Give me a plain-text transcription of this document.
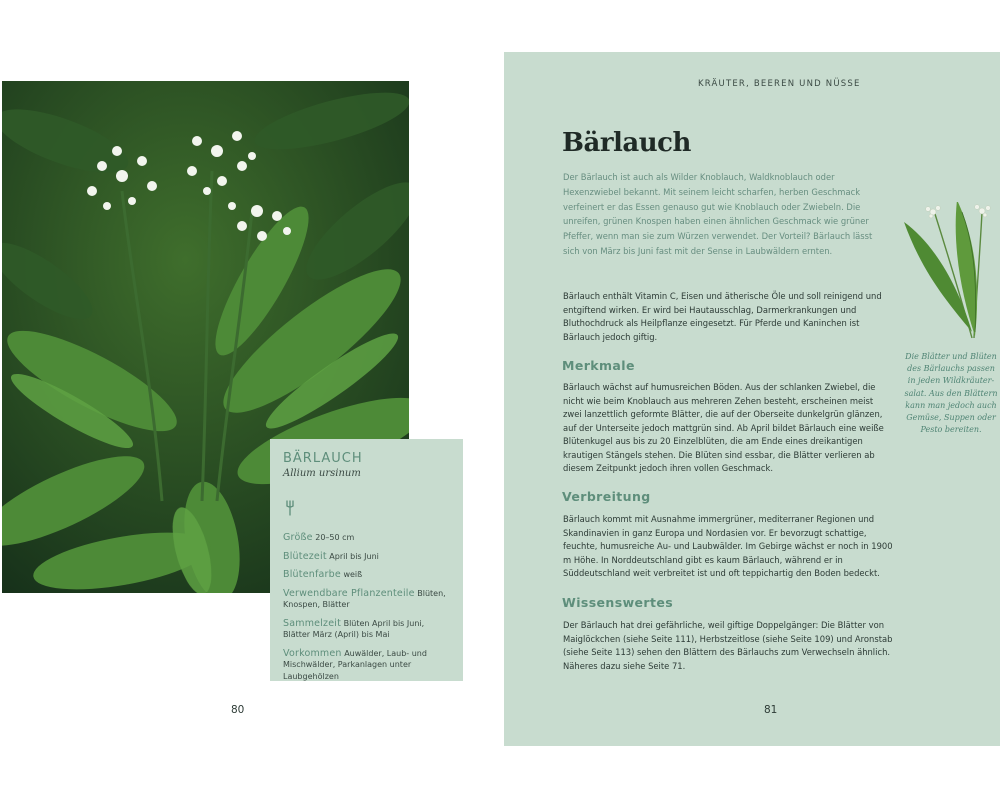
BÄRLAUCH

Allium ursinum

Größe 20–50 cm

Blütezeit April bis Juni

Blütenfarbe weiß

Verwendbare Pflanzenteile Blüten, Knospen, Blätter

Sammelzeit Blüten April bis Juni, Blätter März (April) bis Mai

Vorkommen Auwälder, Laub- und Mischwälder, Parkanlagen unter Laubgehölzen

80

KRÄUTER, BEEREN UND NÜSSE

Bärlauch

Der Bärlauch ist auch als Wilder Knoblauch, Waldknoblauch oder Hexenzwiebel bekannt. Mit seinem leicht scharfen, herben Geschmack verfeinert er das Essen genauso gut wie Knoblauch oder Zwiebeln. Die unreifen, grünen Knospen haben einen ähnlichen Geschmack wie grüner Pfeffer, wenn man sie zum Würzen verwendet. Der Vorteil? Bärlauch lässt sich von März bis Juni fast mit der Sense in Laubwäldern ernten.

Bärlauch enthält Vitamin C, Eisen und ätherische Öle und soll reinigend und entgiftend wirken. Er wird bei Hautausschlag, Darmerkrankungen und Bluthochdruck als Heilpflanze eingesetzt. Für Pferde und Kaninchen ist Bärlauch jedoch giftig.

Merkmale

Bärlauch wächst auf humusreichen Böden. Aus der schlanken Zwiebel, die nicht wie beim Knoblauch aus mehreren Zehen besteht, erscheinen meist zwei lanzettlich geformte Blätter, die auf der Oberseite dunkelgrün glänzen, auf der Unterseite jedoch mattgrün sind. Ab April bildet Bärlauch eine weiße Blütenkugel aus bis zu 20 Einzelblüten, die am Ende eines dreikantigen krautigen Stängels stehen. Die Blüten sind essbar, die Blätter verlieren ab diesem Zeitpunkt jedoch ihren vollen Geschmack.

Verbreitung

Bärlauch kommt mit Ausnahme immergrüner, mediterraner Regionen und Skandinavien in ganz Europa und Nordasien vor. Er bevorzugt schattige, feuchte, humusreiche Au- und Laubwälder. Im Gebirge wächst er noch in 1900 m Höhe. In Norddeutschland gibt es kaum Bärlauch, während er in Süddeutschland weit verbreitet ist und oft teppichartig den Boden bedeckt.

Wissenswertes

Der Bärlauch hat drei gefährliche, weil giftige Doppelgänger: Die Blätter von Maiglöckchen (siehe Seite 111), Herbstzeitlose (siehe Seite 109) und Aronstab (siehe Seite 113) sehen den Blättern des Bärlauchs zum Verwechseln ähnlich. Näheres dazu siehe Seite 71.

Die Blätter und Blüten des Bärlauchs passen in jeden Wildkräutersalat. Aus den Blättern kann man jedoch auch Gemüse, Suppen oder Pesto bereiten.

81
